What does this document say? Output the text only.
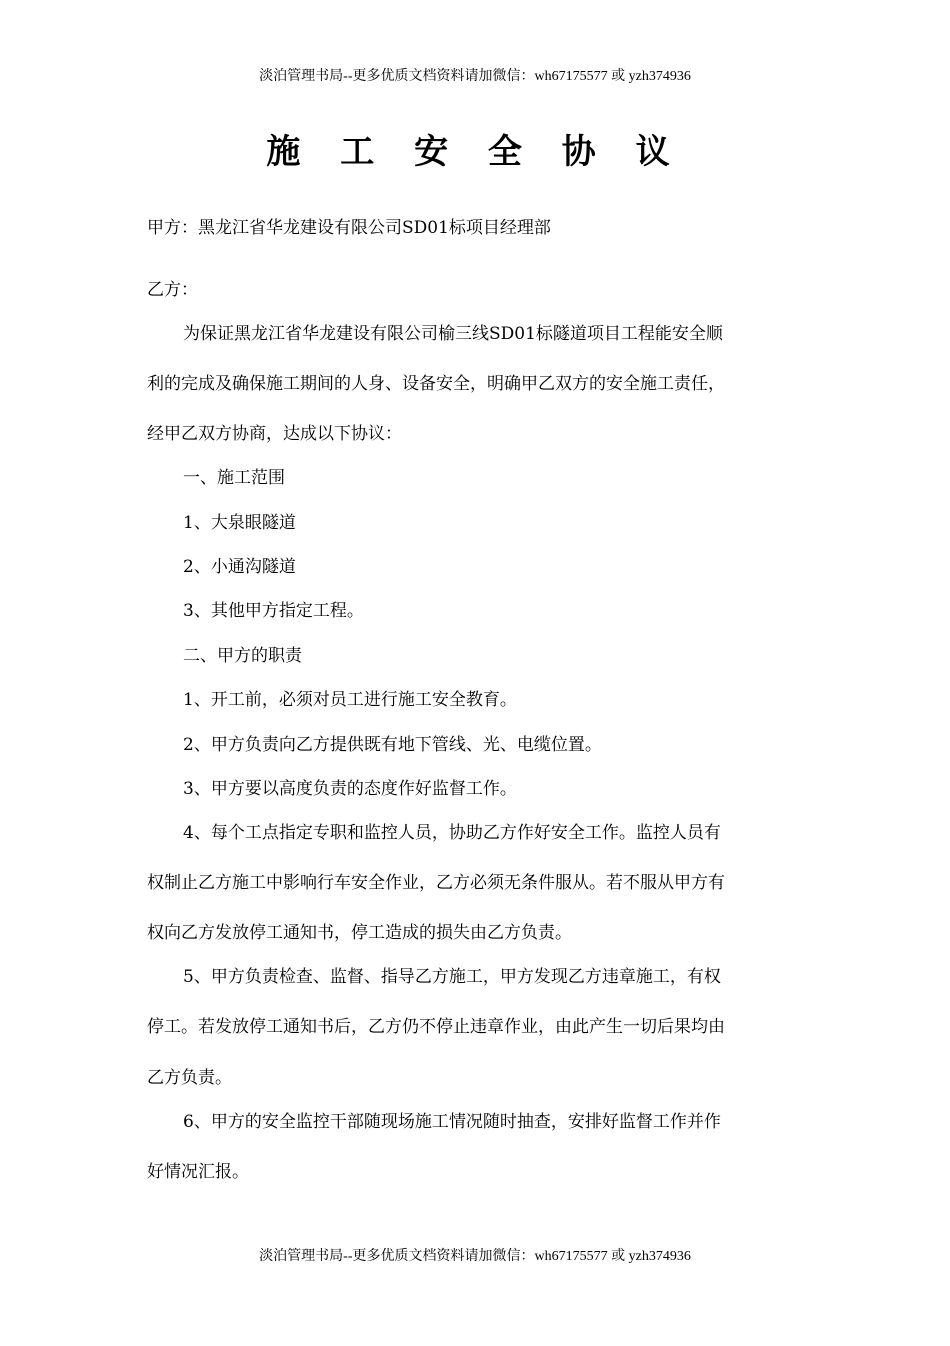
淡泊管理书局--更多优质文档资料请加微信：wh67175577 或 yzh374936
施 工 安 全 协 议
甲方：黑龙江省华龙建设有限公司SD01标项目经理部
乙方：
为保证黑龙江省华龙建设有限公司榆三线SD01标隧道项目工程能安全顺
利的完成及确保施工期间的人身、设备安全，明确甲乙双方的安全施工责任，
经甲乙双方协商，达成以下协议：
一、施工范围
1、大泉眼隧道
2、小通沟隧道
3、其他甲方指定工程。
二、甲方的职责
1、开工前，必须对员工进行施工安全教育。
2、甲方负责向乙方提供既有地下管线、光、电缆位置。
3、甲方要以高度负责的态度作好监督工作。
4、每个工点指定专职和监控人员，协助乙方作好安全工作。监控人员有
权制止乙方施工中影响行车安全作业，乙方必须无条件服从。若不服从甲方有
权向乙方发放停工通知书，停工造成的损失由乙方负责。
5、甲方负责检查、监督、指导乙方施工，甲方发现乙方违章施工，有权
停工。若发放停工通知书后，乙方仍不停止违章作业，由此产生一切后果均由
乙方负责。
6、甲方的安全监控干部随现场施工情况随时抽查，安排好监督工作并作
好情况汇报。
淡泊管理书局--更多优质文档资料请加微信：wh67175577 或 yzh374936
